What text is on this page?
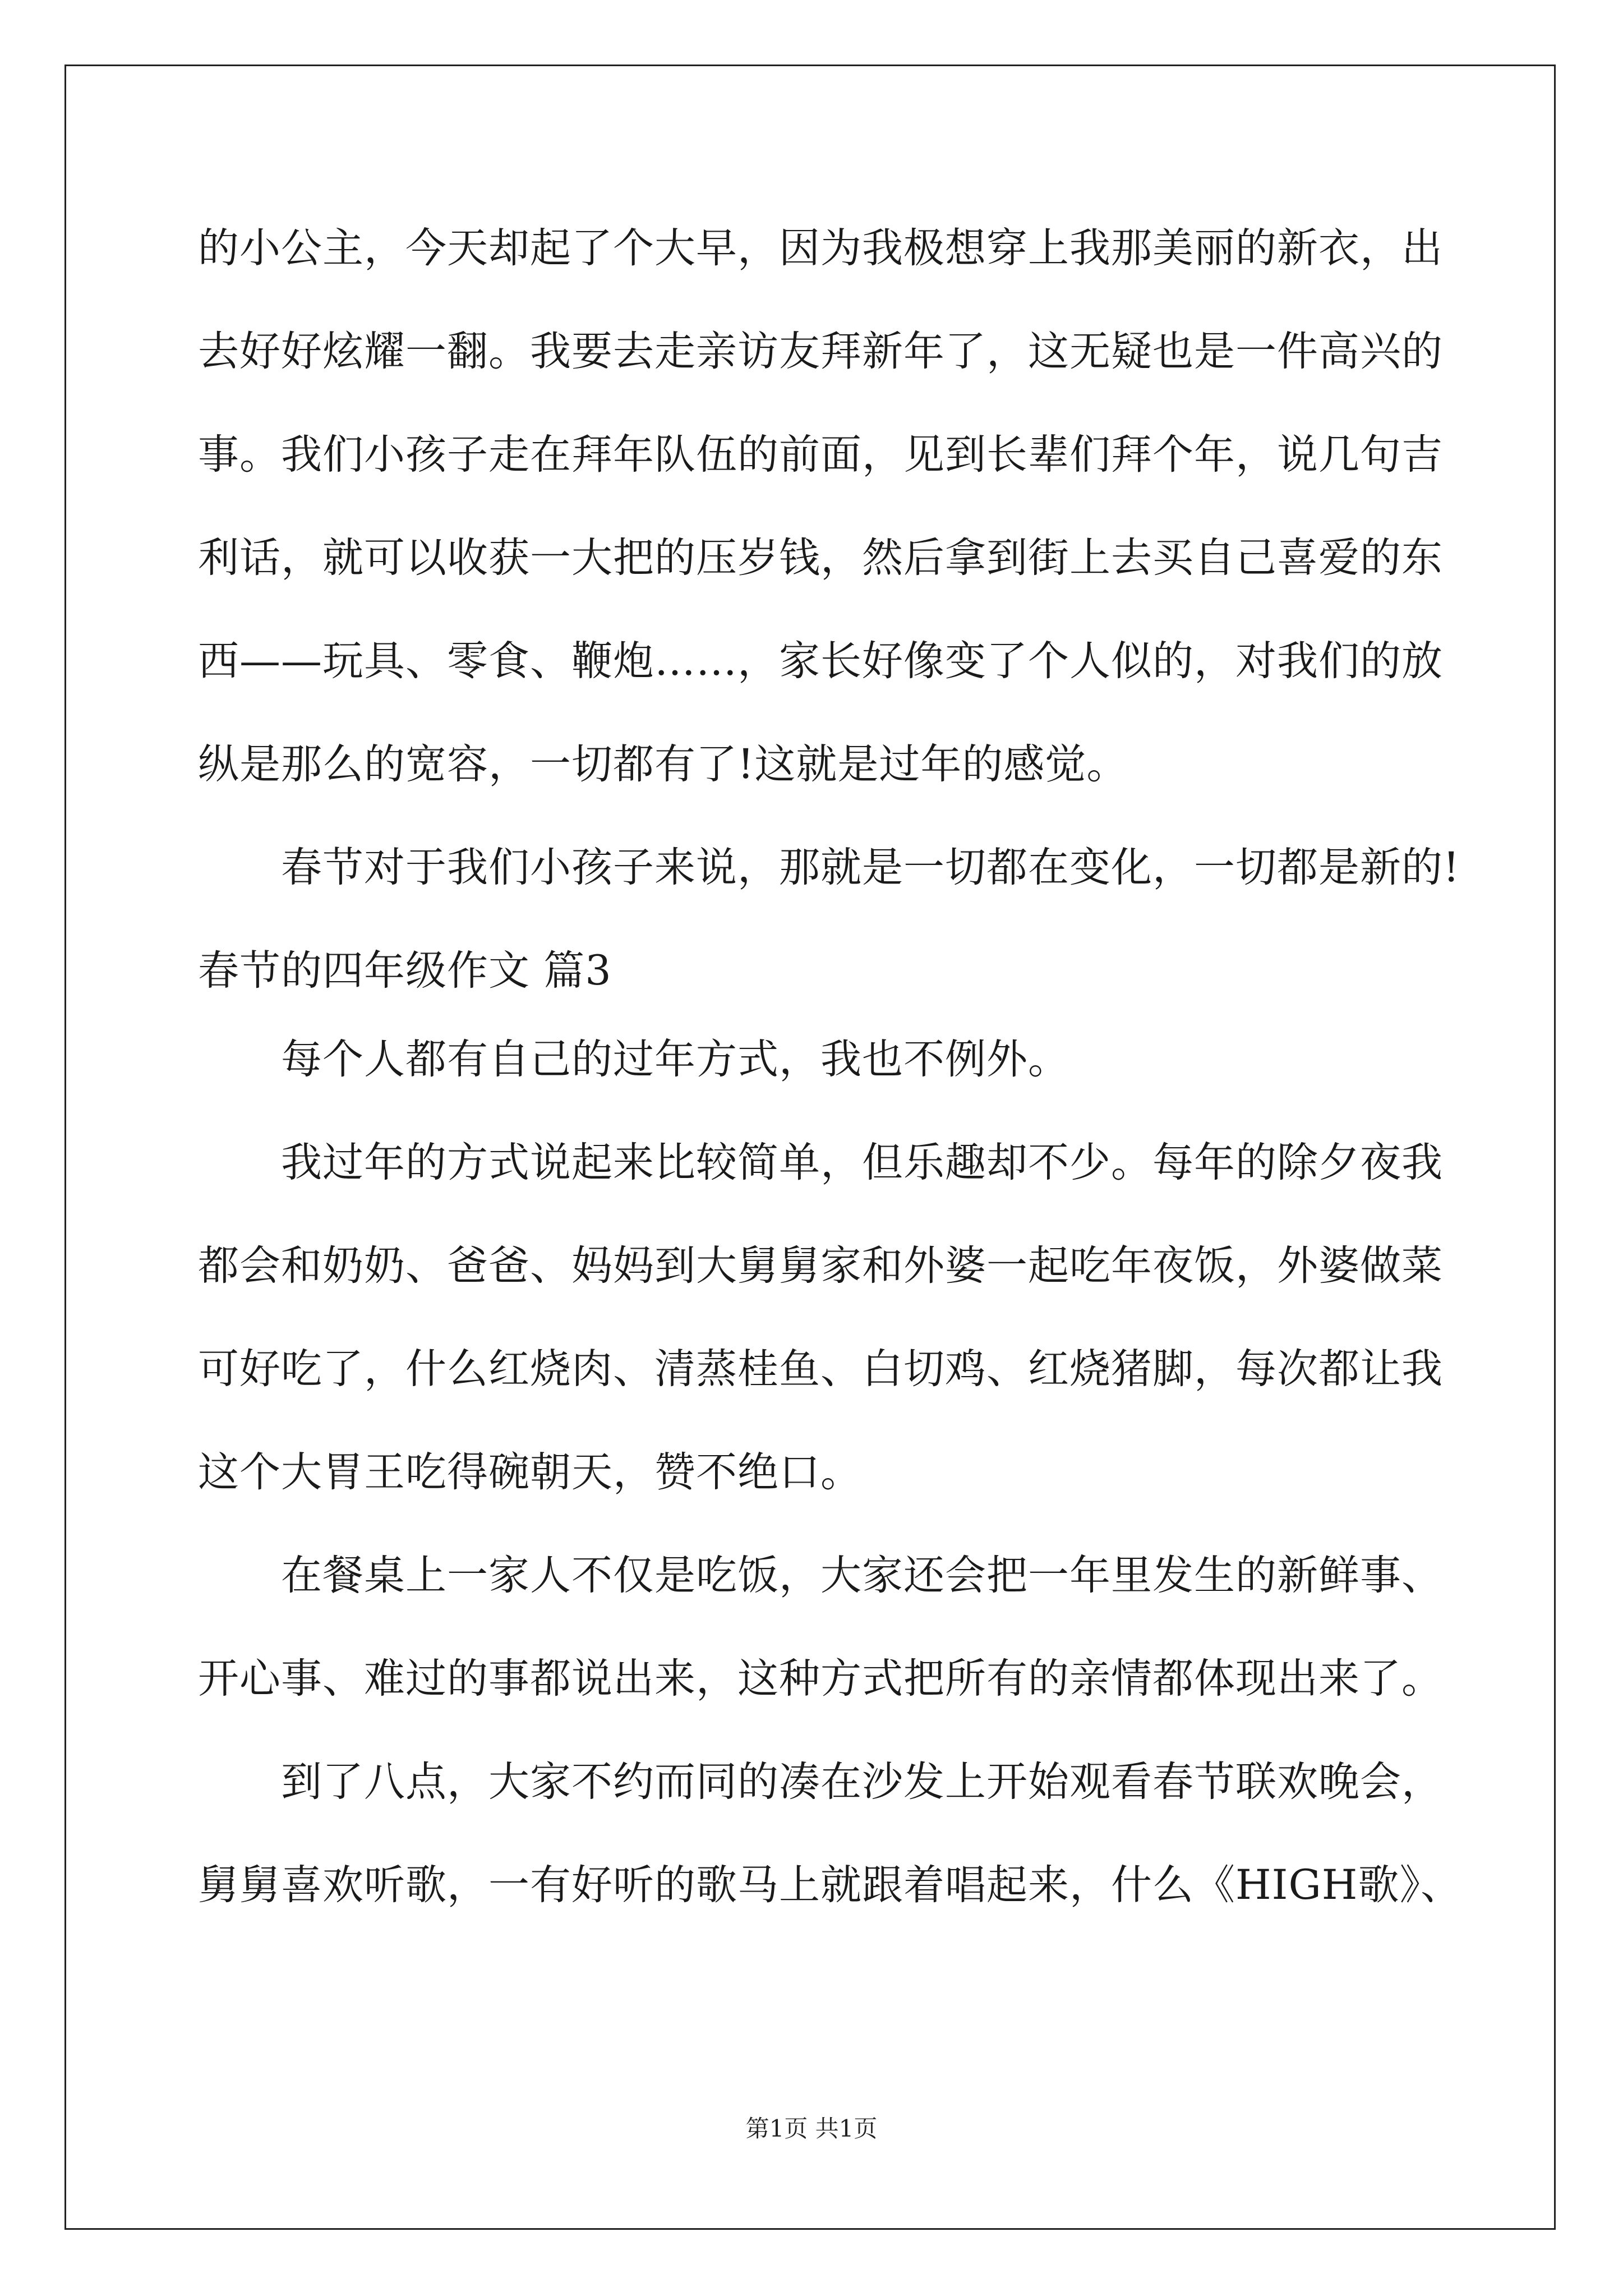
的小公主，今天却起了个大早，因为我极想穿上我那美丽的新衣，出
去好好炫耀一翻。我要去走亲访友拜新年了，这无疑也是一件高兴的
事。我们小孩子走在拜年队伍的前面，见到长辈们拜个年，说几句吉
利话，就可以收获一大把的压岁钱，然后拿到街上去买自己喜爱的东
西——玩具、零食、鞭炮……，家长好像变了个人似的，对我们的放
纵是那么的宽容，一切都有了!这就是过年的感觉。
春节对于我们小孩子来说，那就是一切都在变化，一切都是新的!
春节的四年级作文 篇3
每个人都有自己的过年方式，我也不例外。
我过年的方式说起来比较简单，但乐趣却不少。每年的除夕夜我
都会和奶奶、爸爸、妈妈到大舅舅家和外婆一起吃年夜饭，外婆做菜
可好吃了，什么红烧肉、清蒸桂鱼、白切鸡、红烧猪脚，每次都让我
这个大胃王吃得碗朝天，赞不绝口。
在餐桌上一家人不仅是吃饭，大家还会把一年里发生的新鲜事、
开心事、难过的事都说出来，这种方式把所有的亲情都体现出来了。
到了八点，大家不约而同的凑在沙发上开始观看春节联欢晚会，
舅舅喜欢听歌，一有好听的歌马上就跟着唱起来，什么《HIGH歌》、
第1页 共1页
